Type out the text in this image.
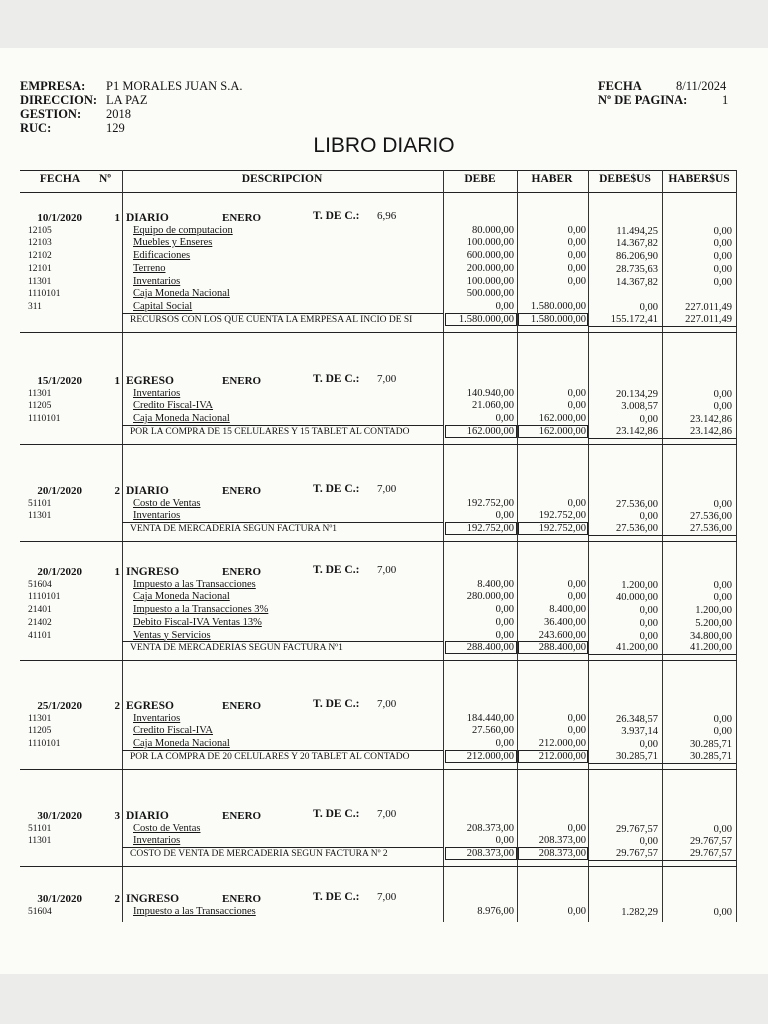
EMPRESA: P1 MORALES JUAN S.A.
DIRECCION: LA PAZ
GESTION: 2018
RUC:	129
FECHA	8/11/2024
Nº DE PAGINA:	1
LIBRO DIARIO
FECHA	Nº	DESCRIPCION	DEBE	HABER	DEBE$US	HABER$US
10/1/2020	1 DIARIO	ENERO	T. DE C.: 6,96
12105	Equipo de computacion	80.000,00	0,00	11.494,25	0,00
12103	Muebles y Enseres	100.000,00	0,00	14.367,82	0,00
12102	Edificaciones	600.000,00	0,00	86.206,90	0,00
12101	Terreno	200.000,00	0,00	28.735,63	0,00
11301	Inventarios	100.000,00	0,00	14.367,82	0,00
1110101	Caja Moneda Nacional	500.000,00
311	Capital Social	0,00	1.580.000,00	0,00	227.011,49
RECURSOS CON LOS QUE CUENTA LA EMRPESA AL INCIO DE SI	1.580.000,00	1.580.000,00	155.172,41	227.011,49
15/1/2020	1 EGRESO	ENERO	T. DE C.: 7,00
11301	Inventarios	140.940,00	0,00	20.134,29	0,00
11205	Credito Fiscal-IVA	21.060,00	0,00	3.008,57	0,00
1110101	Caja Moneda Nacional	0,00	162.000,00	0,00	23.142,86
POR LA COMPRA DE 15 CELULARES Y 15 TABLET AL CONTADO	162.000,00	162.000,00	23.142,86	23.142,86
20/1/2020	2 DIARIO	ENERO	T. DE C.: 7,00
51101	Costo de Ventas	192.752,00	0,00	27.536,00	0,00
11301	Inventarios	0,00	192.752,00	0,00	27.536,00
VENTA DE MERCADERIA SEGUN FACTURA Nº1	192.752,00	192.752,00	27.536,00	27.536,00
20/1/2020	1 INGRESO	ENERO	T. DE C.: 7,00
51604	Impuesto a las Transacciones	8.400,00	0,00	1.200,00	0,00
1110101	Caja Moneda Nacional	280.000,00	0,00	40.000,00	0,00
21401	Impuesto a la Transacciones 3%	0,00	8.400,00	0,00	1.200,00
21402	Debito Fiscal-IVA Ventas 13%	0,00	36.400,00	0,00	5.200,00
41101	Ventas y Servicios	0,00	243.600,00	0,00	34.800,00
VENTA DE MERCADERIAS SEGUN FACTURA Nº1	288.400,00	288.400,00	41.200,00	41.200,00
25/1/2020	2 EGRESO	ENERO	T. DE C.: 7,00
11301	Inventarios	184.440,00	0,00	26.348,57	0,00
11205	Credito Fiscal-IVA	27.560,00	0,00	3.937,14	0,00
1110101	Caja Moneda Nacional	0,00	212.000,00	0,00	30.285,71
POR LA COMPRA DE 20 CELULARES Y 20 TABLET AL CONTADO	212.000,00	212.000,00	30.285,71	30.285,71
30/1/2020	3 DIARIO	ENERO	T. DE C.: 7,00
51101	Costo de Ventas	208.373,00	0,00	29.767,57	0,00
11301	Inventarios	0,00	208.373,00	0,00	29.767,57
COSTO DE VENTA DE MERCADERIA SEGUN FACTURA Nº 2	208.373,00	208.373,00	29.767,57	29.767,57
30/1/2020	2 INGRESO	ENERO	T. DE C.: 7,00
51604	Impuesto a las Transacciones	8.976,00	0,00	1.282,29	0,00
